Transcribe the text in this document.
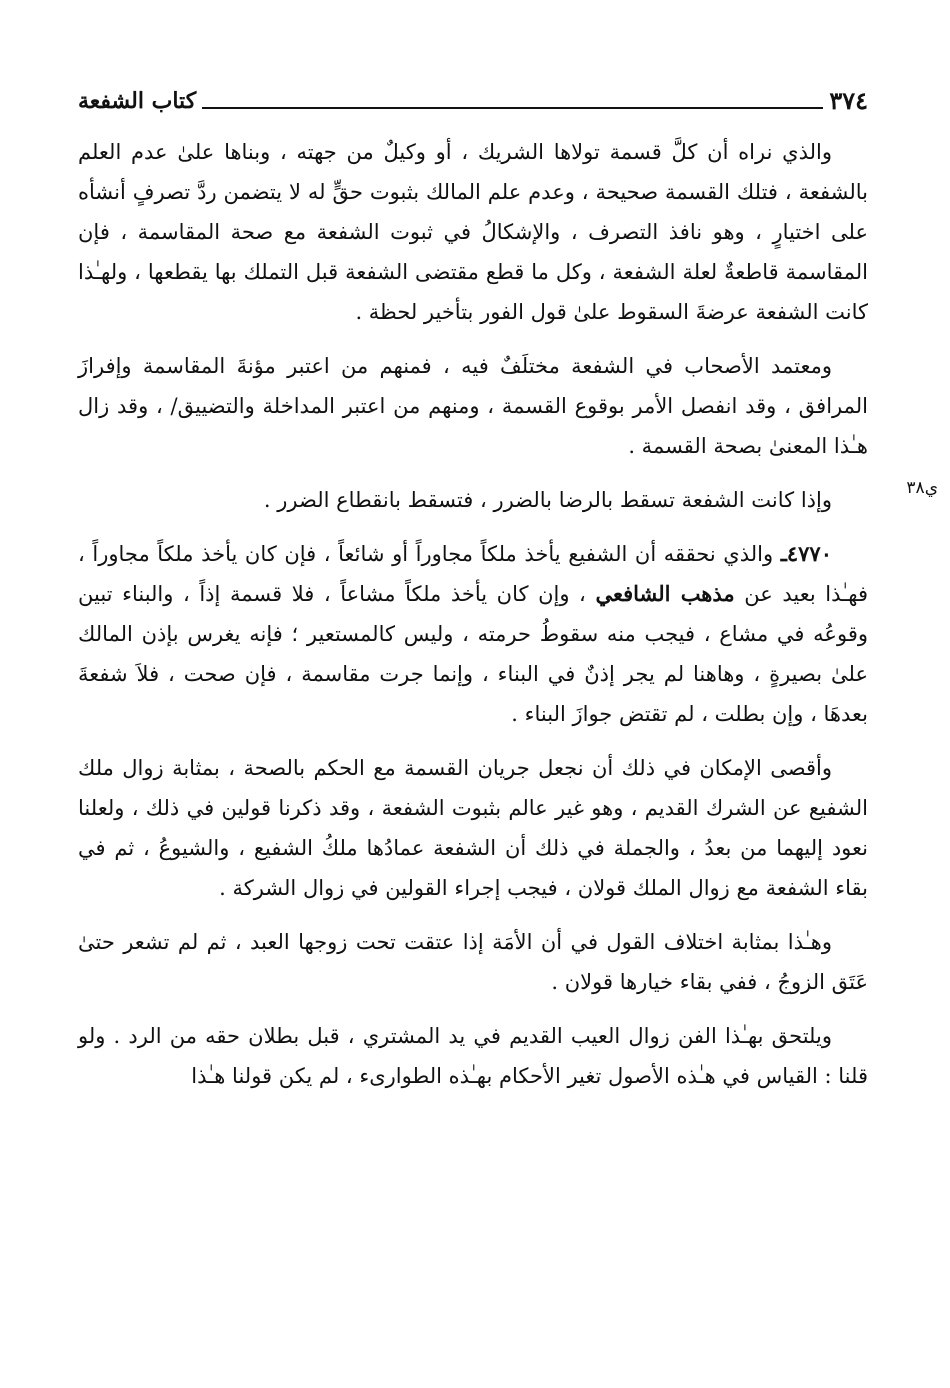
٣٧٤
كتاب الشفعة
ي٣٨

والذي نراه أن كلَّ قسمة تولاها الشريك ، أو وكيلٌ من جهته ، وبناها علىٰ عدم العلم بالشفعة ، فتلك القسمة صحيحة ، وعدم علم المالك بثبوت حقٍّ له لا يتضمن ردَّ تصرفٍ أنشأه على اختيارٍ ، وهو نافذ التصرف ، والإشكالُ في ثبوت الشفعة مع صحة المقاسمة ، فإن المقاسمة قاطعةٌ لعلة الشفعة ، وكل ما قطع مقتضى الشفعة قبل التملك بها يقطعها ، ولهـٰذا كانت الشفعة عرضةَ السقوط علىٰ قول الفور بتأخير لحظة .

ومعتمد الأصحاب في الشفعة مختلَفٌ فيه ، فمنهم من اعتبر مؤنةَ المقاسمة وإفرازَ المرافق ، وقد انفصل الأمر بوقوع القسمة ، ومنهم من اعتبر المداخلة والتضييق/ ، وقد زال هـٰذا المعنىٰ بصحة القسمة .

وإذا كانت الشفعة تسقط بالرضا بالضرر ، فتسقط بانقطاع الضرر .

٤٧٧٠ـ والذي نحققه أن الشفيع يأخذ ملكاً مجاوراً أو شائعاً ، فإن كان يأخذ ملكاً مجاوراً ، فهـٰذا بعيد عن مذهب الشافعي ، وإن كان يأخذ ملكاً مشاعاً ، فلا قسمة إذاً ، والبناء تبين وقوعُه في مشاع ، فيجب منه سقوطُ حرمته ، وليس كالمستعير ؛ فإنه يغرس بإذن المالك علىٰ بصيرةٍ ، وهاهنا لم يجر إذنٌ في البناء ، وإنما جرت مقاسمة ، فإن صحت ، فلاَ شفعةَ بعدهَا ، وإن بطلت ، لم تقتض جوازَ البناء .

وأقصى الإمكان في ذلك أن نجعل جريان القسمة مع الحكم بالصحة ، بمثابة زوال ملك الشفيع عن الشرك القديم ، وهو غير عالم بثبوت الشفعة ، وقد ذكرنا قولين في ذلك ، ولعلنا نعود إليهما من بعدُ ، والجملة في ذلك أن الشفعة عمادُها ملكُ الشفيع ، والشيوعُ ، ثم في بقاء الشفعة مع زوال الملك قولان ، فيجب إجراء القولين في زوال الشركة .

وهـٰذا بمثابة اختلاف القول في أن الأمَة إذا عتقت تحت زوجها العبد ، ثم لم تشعر حتىٰ عَتَق الزوجُ ، ففي بقاء خيارها قولان .

ويلتحق بهـٰذا الفن زوال العيب القديم في يد المشتري ، قبل بطلان حقه من الرد . ولو قلنا : القياس في هـٰذه الأصول تغير الأحكام بهـٰذه الطوارىء ، لم يكن قولنا هـٰذا
